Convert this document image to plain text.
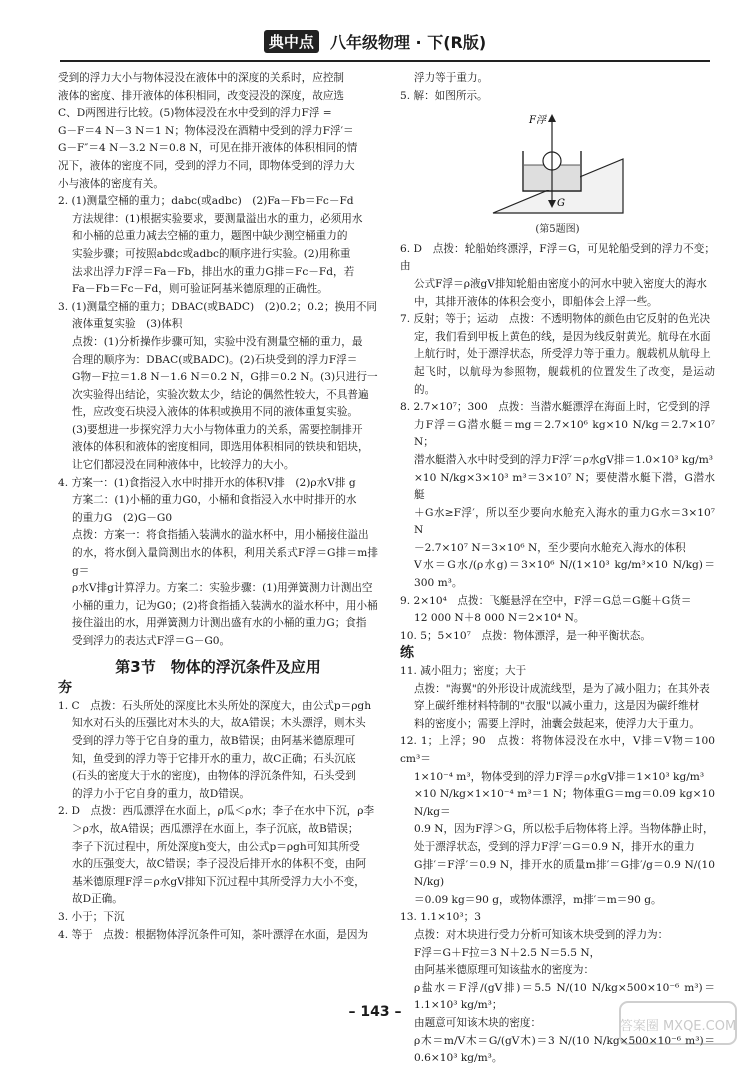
典中点 八年级物理 · 下(R版)

受到的浮力大小与物体浸没在液体中的深度的关系时，应控制

液体的密度、排开液体的体积相同，改变浸没的深度，故应选

C、D两图进行比较。(5)物体浸没在水中受到的浮力F浮 =

G－F＝4 N－3 N＝1 N；物体浸没在酒精中受到的浮力F浮′＝

G－F″＝4 N－3.2 N＝0.8 N，可见在排开液体的体积相同的情

况下，液体的密度不同，受到的浮力不同，即物体受到的浮力大

小与液体的密度有关。

2. (1)测量空桶的重力；dabc(或adbc)　(2)Fa－Fb＝Fc－Fd

方法规律：(1)根据实验要求，要测量溢出水的重力，必须用水

和小桶的总重力减去空桶的重力，题图中缺少测空桶重力的

实验步骤；可按照abdc或adbc的顺序进行实验。(2)用称重

法求出浮力F浮＝Fa－Fb，排出水的重力G排＝Fc－Fd，若

Fa－Fb＝Fc－Fd，则可验证阿基米德原理的正确性。

3. (1)测量空桶的重力；DBAC(或BADC)　(2)0.2；0.2；换用不同

液体重复实验　(3)体积

点拨：(1)分析操作步骤可知，实验中没有测量空桶的重力，最

合理的顺序为：DBAC(或BADC)。(2)石块受到的浮力F浮＝

G物－F拉＝1.8 N－1.6 N＝0.2 N，G排＝0.2 N。(3)只进行一

次实验得出结论，实验次数太少，结论的偶然性较大，不具普遍

性，应改变石块浸入液体的体积或换用不同的液体重复实验。

(3)要想进一步探究浮力大小与物体重力的关系，需要控制排开

液体的体积和液体的密度相同，即选用体积相同的铁块和铝块，

让它们都浸没在同种液体中，比较浮力的大小。

4. 方案一：(1)食指浸入水中时排开水的体积V排　(2)ρ水V排 g

方案二：(1)小桶的重力G0，小桶和食指浸入水中时排开的水

的重力G　(2)G－G0

点拨：方案一：将食指插入装满水的溢水杯中，用小桶接住溢出

的水，将水倒入量筒测出水的体积，利用关系式F浮＝G排＝m排g＝

ρ水V排g计算浮力。方案二：实验步骤：(1)用弹簧测力计测出空

小桶的重力，记为G0；(2)将食指插入装满水的溢水杯中，用小桶

接住溢出的水，用弹簧测力计测出盛有水的小桶的重力G；食指

受到浮力的表达式F浮＝G－G0。

第3节　物体的浮沉条件及应用
夯

1. C　点拨：石头所处的深度比木头所处的深度大，由公式p＝ρgh

知水对石头的压强比对木头的大，故A错误；木头漂浮，则木头

受到的浮力等于它自身的重力，故B错误；由阿基米德原理可

知，鱼受到的浮力等于它排开水的重力，故C正确；石头沉底

(石头的密度大于水的密度)，由物体的浮沉条件知，石头受到

的浮力小于它自身的重力，故D错误。

2. D　点拨：西瓜漂浮在水面上，ρ瓜＜ρ水；李子在水中下沉，ρ李

＞ρ水，故A错误；西瓜漂浮在水面上，李子沉底，故B错误；

李子下沉过程中，所处深度h变大，由公式p＝ρgh可知其所受

水的压强变大，故C错误；李子浸没后排开水的体积不变，由阿

基米德原理F浮＝ρ水gV排知下沉过程中其所受浮力大小不变，

故D正确。

3. 小于；下沉

4. 等于　点拨：根据物体浮沉条件可知，茶叶漂浮在水面，是因为

浮力等于重力。

5. 解：如图所示。

F浮
G
(第5题图)

6. D　点拨：轮船始终漂浮，F浮＝G，可见轮船受到的浮力不变；由

公式F浮＝ρ液gV排知轮船由密度小的河水中驶入密度大的海水

中，其排开液体的体积会变小，即船体会上浮一些。

7. 反射；等于；运动　点拨：不透明物体的颜色由它反射的色光决

定，我们看到甲板上黄色的线，是因为线反射黄光。航母在水面

上航行时，处于漂浮状态，所受浮力等于重力。舰载机从航母上

起飞时，以航母为参照物，舰载机的位置发生了改变，是运动的。

8. 2.7×10⁷；300　点拨：当潜水艇漂浮在海面上时，它受到的浮

力F浮＝G潜水艇＝mg＝2.7×10⁶ kg×10 N/kg＝2.7×10⁷ N；

潜水艇潜入水中时受到的浮力F浮′＝ρ水gV排＝1.0×10³ kg/m³

×10 N/kg×3×10³ m³＝3×10⁷ N；要使潜水艇下潜，G潜水艇

＋G水≥F浮′，所以至少要向水舱充入海水的重力G水＝3×10⁷ N

－2.7×10⁷ N＝3×10⁶ N，至少要向水舱充入海水的体积

V水＝G水/(ρ水g)＝3×10⁶ N/(1×10³ kg/m³×10 N/kg)＝300 m³。

9. 2×10⁴　点拨：飞艇悬浮在空中，F浮＝G总＝G艇＋G货＝

12 000 N＋8 000 N＝2×10⁴ N。

10. 5；5×10⁷　点拨：物体漂浮，是一种平衡状态。

练

11. 减小阻力；密度；大于

点拨："海翼"的外形设计成流线型，是为了减小阻力；在其外表

穿上碳纤维材料特制的"衣服"以减小重力，这是因为碳纤维材

料的密度小；需要上浮时，油囊会鼓起来，使浮力大于重力。

12. 1；上浮；90　点拨：将物体浸没在水中，V排＝V物＝100 cm³＝

1×10⁻⁴ m³，物体受到的浮力F浮＝ρ水gV排＝1×10³ kg/m³

×10 N/kg×1×10⁻⁴ m³＝1 N；物体重G＝mg＝0.09 kg×10 N/kg＝

0.9 N，因为F浮＞G，所以松手后物体将上浮。当物体静止时，

处于漂浮状态，受到的浮力F浮′＝G＝0.9 N，排开水的重力

G排′＝F浮′＝0.9 N，排开水的质量m排′＝G排′/g＝0.9 N/(10 N/kg)

＝0.09 kg＝90 g，或物体漂浮，m排′＝m＝90 g。

13. 1.1×10³；3

点拨：对木块进行受力分析可知该木块受到的浮力为：

F浮＝G＋F拉＝3 N＋2.5 N＝5.5 N，

由阿基米德原理可知该盐水的密度为：

ρ盐水＝F浮/(gV排)＝5.5 N/(10 N/kg×500×10⁻⁶ m³)＝1.1×10³ kg/m³；

由题意可知该木块的密度：

ρ木＝m/V木＝G/(gV木)＝3 N/(10 N/kg×500×10⁻⁶ m³)＝0.6×10³ kg/m³。

– 143 –
答案圈 MXQE.COM
